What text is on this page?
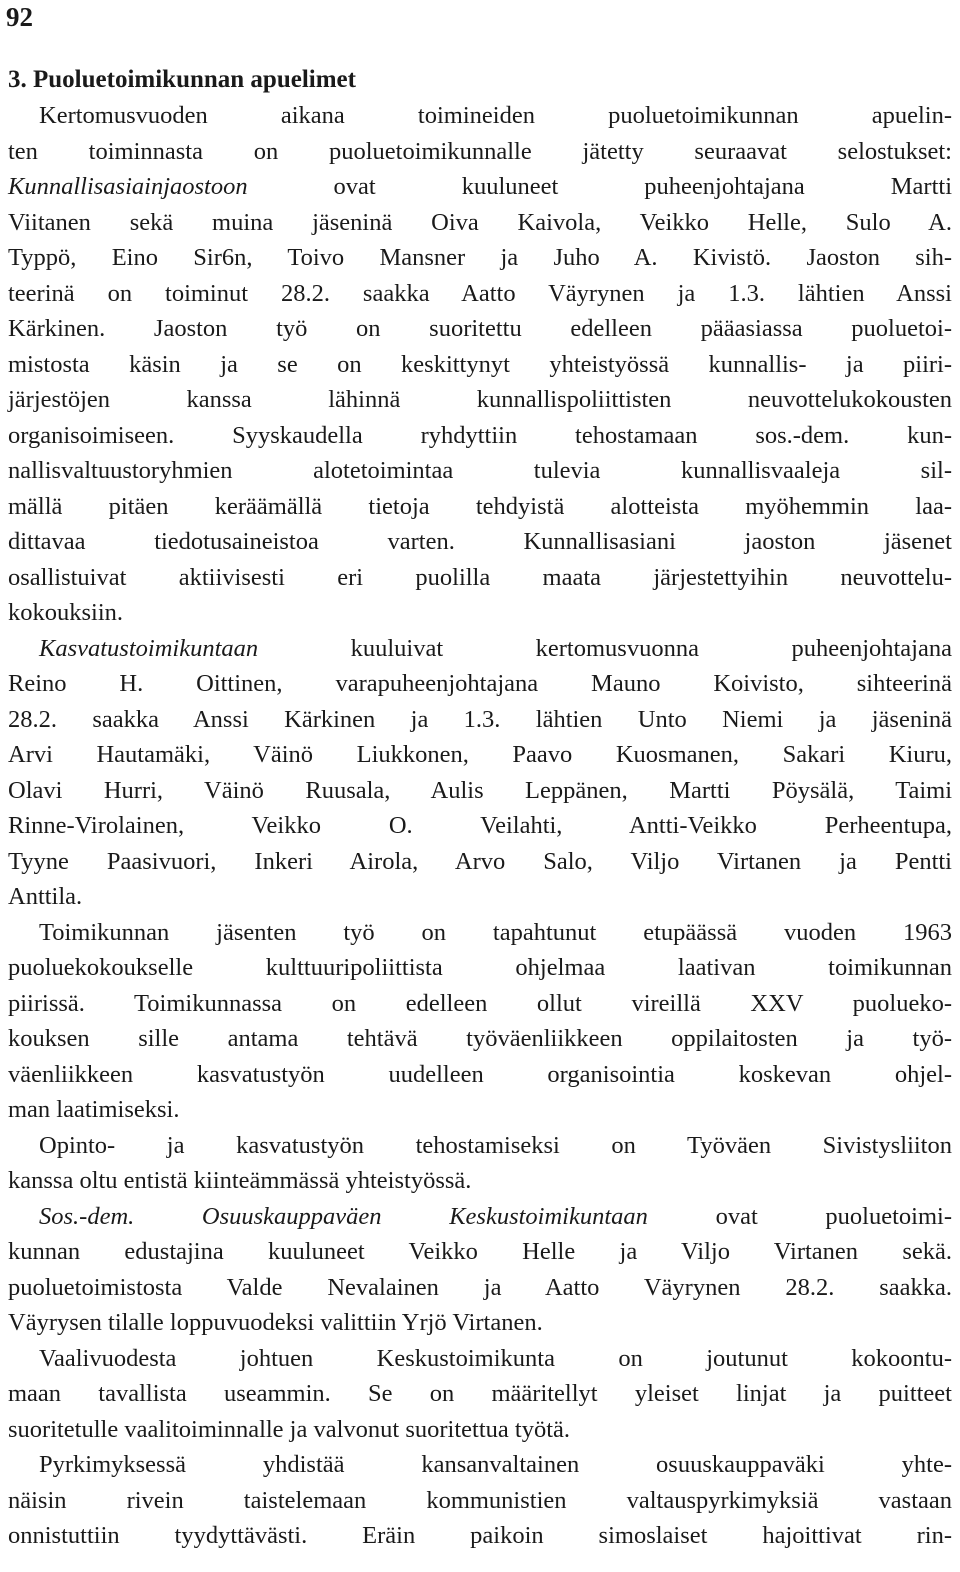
92
3. Puoluetoimikunnan apuelimet
Kertomusvuoden aikana toimineiden puoluetoimikunnan apuelin-
ten toiminnasta on puoluetoimikunnalle jätetty seuraavat selostukset:
Kunnallisasiainjaostoon ovat kuuluneet puheenjohtajana Martti
Viitanen sekä muina jäseninä Oiva Kaivola, Veikko Helle, Sulo A.
Typpö, Eino Sir6n, Toivo Mansner ja Juho A. Kivistö. Jaoston sih-
teerinä on toiminut 28.2. saakka Aatto Väyrynen ja 1.3. lähtien Anssi
Kärkinen. Jaoston työ on suoritettu edelleen pääasiassa puoluetoi-
mistosta käsin ja se on keskittynyt yhteistyössä kunnallis- ja piiri-
järjestöjen kanssa lähinnä kunnallispoliittisten neuvottelukokousten
organisoimiseen. Syyskaudella ryhdyttiin tehostamaan sos.-dem. kun-
nallisvaltuustoryhmien alotetoimintaa tulevia kunnallisvaaleja sil-
mällä pitäen keräämällä tietoja tehdyistä alotteista myöhemmin laa-
dittavaa tiedotusaineistoa varten. Kunnallisasiani jaoston jäsenet
osallistuivat aktiivisesti eri puolilla maata järjestettyihin neuvottelu-
kokouksiin.
Kasvatustoimikuntaan kuuluivat kertomusvuonna puheenjohtajana
Reino H. Oittinen, varapuheenjohtajana Mauno Koivisto, sihteerinä
28.2. saakka Anssi Kärkinen ja 1.3. lähtien Unto Niemi ja jäseninä
Arvi Hautamäki, Väinö Liukkonen, Paavo Kuosmanen, Sakari Kiuru,
Olavi Hurri, Väinö Ruusala, Aulis Leppänen, Martti Pöysälä, Taimi
Rinne-Virolainen, Veikko O. Veilahti, Antti-Veikko Perheentupa,
Tyyne Paasivuori, Inkeri Airola, Arvo Salo, Viljo Virtanen ja Pentti
Anttila.
Toimikunnan jäsenten työ on tapahtunut etupäässä vuoden 1963
puoluekokoukselle kulttuuripoliittista ohjelmaa laativan toimikunnan
piirissä. Toimikunnassa on edelleen ollut vireillä XXV puolueko-
kouksen sille antama tehtävä työväenliikkeen oppilaitosten ja työ-
väenliikkeen kasvatustyön uudelleen organisointia koskevan ohjel-
man laatimiseksi.
Opinto- ja kasvatustyön tehostamiseksi on Työväen Sivistysliiton
kanssa oltu entistä kiinteämmässä yhteistyössä.
Sos.-dem. Osuuskauppaväen Keskustoimikuntaan ovat puoluetoimi-
kunnan edustajina kuuluneet Veikko Helle ja Viljo Virtanen sekä.
puoluetoimistosta Valde Nevalainen ja Aatto Väyrynen 28.2. saakka.
Väyrysen tilalle loppuvuodeksi valittiin Yrjö Virtanen.
Vaalivuodesta johtuen Keskustoimikunta on joutunut kokoontu-
maan tavallista useammin. Se on määritellyt yleiset linjat ja puitteet
suoritetulle vaalitoiminnalle ja valvonut suoritettua työtä.
Pyrkimyksessä yhdistää kansanvaltainen osuuskauppaväki yhte-
näisin rivein taistelemaan kommunistien valtauspyrkimyksiä vastaan
onnistuttiin tyydyttävästi. Eräin paikoin simoslaiset hajoittivat rin-
